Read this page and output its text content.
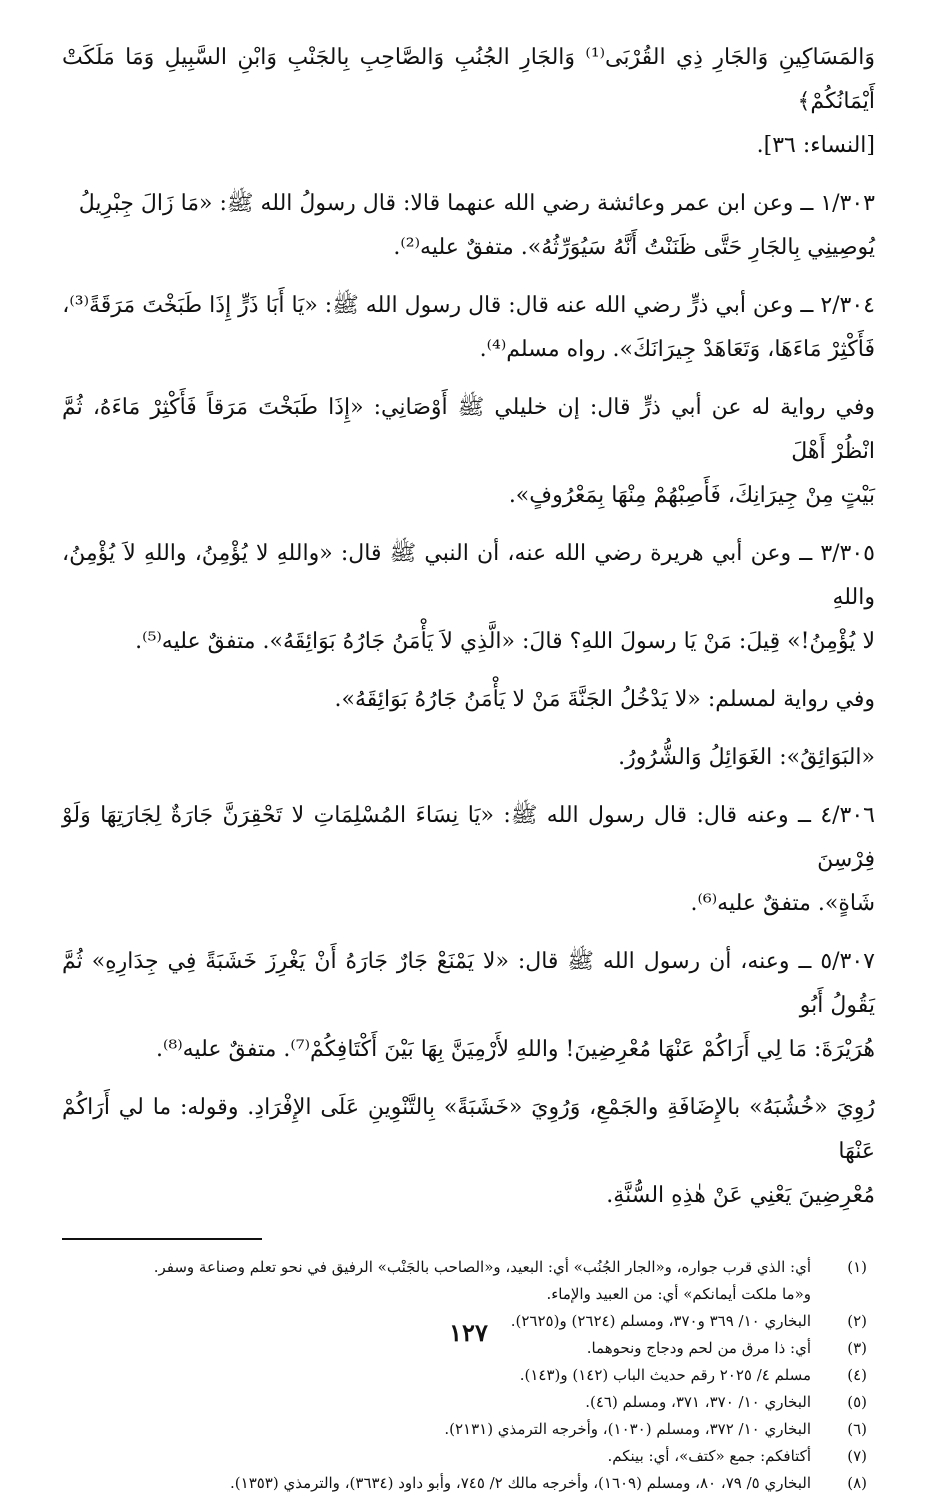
وَالمَسَاكِينِ وَالجَارِ ذِي القُرْبَى⁽¹⁾ وَالجَارِ الجُنُبِ وَالصَّاحِبِ بِالجَنْبِ وَابْنِ السَّبِيلِ وَمَا مَلَكَتْ أَيْمَانُكُمْ﴾

[النساء: ٣٦].

١/٣٠٣ ــ وعن ابن عمر وعائشة رضي الله عنهما قالا: قال رسولُ الله ﷺ: «مَا زَالَ جِبْرِيلُ

يُوصِينِي بِالجَارِ حَتَّى ظَنَنْتُ أَنَّهُ سَيُوَرِّثُهُ». متفقٌ عليه⁽²⁾.

٢/٣٠٤ ــ وعن أبي ذرٍّ رضي الله عنه قال: قال رسول الله ﷺ: «يَا أَبَا ذَرٍّ إِذَا طَبَخْتَ مَرَقَةً⁽³⁾،

فَأَكْثِرْ مَاءَهَا، وَتَعَاهَدْ جِيرَانَكَ». رواه مسلم⁽⁴⁾.

وفي رواية له عن أبي ذرٍّ قال: إن خليلي ﷺ أَوْصَانِي: «إِذَا طَبَخْتَ مَرَقاً فَأَكْثِرْ مَاءَهُ، ثُمَّ انْظُرْ أَهْلَ

بَيْتٍ مِنْ جِيرَانِكَ، فَأَصِبْهُمْ مِنْهَا بِمَعْرُوفٍ».

٣/٣٠٥ ــ وعن أبي هريرة رضي الله عنه، أن النبي ﷺ قال: «واللهِ لا يُؤْمِنُ، واللهِ لاَ يُؤْمِنُ، واللهِ

لا يُؤْمِنُ!» قِيلَ: مَنْ يَا رسولَ اللهِ؟ قالَ: «الَّذِي لاَ يَأْمَنُ جَارُهُ بَوَائِقَهُ». متفقٌ عليه⁽⁵⁾.

وفي رواية لمسلم: «لا يَدْخُلُ الجَنَّةَ مَنْ لا يَأْمَنُ جَارُهُ بَوَائِقَهُ».

«البَوَائِقُ»: الغَوَائِلُ وَالشُّرُورُ.

٤/٣٠٦ ــ وعنه قال: قال رسول الله ﷺ: «يَا نِسَاءَ المُسْلِمَاتِ لا تَحْقِرَنَّ جَارَةٌ لِجَارَتِهَا وَلَوْ فِرْسِنَ

شَاةٍ». متفقٌ عليه⁽⁶⁾.

٥/٣٠٧ ــ وعنه، أن رسول الله ﷺ قال: «لا يَمْنَعْ جَارٌ جَارَهُ أَنْ يَغْرِزَ خَشَبَةً فِي جِدَارِهِ» ثُمَّ يَقُولُ أَبُو

هُرَيْرَةَ: مَا لِي أَرَاكُمْ عَنْهَا مُعْرِضِينَ! واللهِ لأَرْمِيَنَّ بِهَا بَيْنَ أَكْتَافِكُمْ⁽⁷⁾. متفقٌ عليه⁽⁸⁾.

رُوِيَ «خُشُبَهُ» بالإِضَافَةِ والجَمْعِ، وَرُوِيَ «خَشَبَةً» بِالتَّنْوِينِ عَلَى الإِفْرَادِ. وقوله: ما لي أَرَاكُمْ عَنْهَا

مُعْرِضِينَ يَعْنِي عَنْ هٰذِهِ السُّنَّةِ.

(١)
أي: الذي قرب جواره، و«الجار الجُنُب» أي: البعيد، و«الصاحب بالجَنْب» الرفيق في نحو تعلم وصناعة وسفر.
و«ما ملكت أيمانكم» أي: من العبيد والإماء.
(٢)
البخاري ١٠/ ٣٦٩ و٣٧٠، ومسلم (٢٦٢٤) و(٢٦٢٥).
(٣)
أي: ذا مرق من لحم ودجاج ونحوهما.
(٤)
مسلم ٤/ ٢٠٢٥ رقم حديث الباب (١٤٢) و(١٤٣).
(٥)
البخاري ١٠/ ٣٧٠، ٣٧١، ومسلم (٤٦).
(٦)
البخاري ١٠/ ٣٧٢، ومسلم (١٠٣٠)، وأخرجه الترمذي (٢١٣١).
(٧)
أكتافكم: جمع «كتف»، أي: بينكم.
(٨)
البخاري ٥/ ٧٩، ٨٠، ومسلم (١٦٠٩)، وأخرجه مالك ٢/ ٧٤٥، وأبو داود (٣٦٣٤)، والترمذي (١٣٥٣).
١٢٧
